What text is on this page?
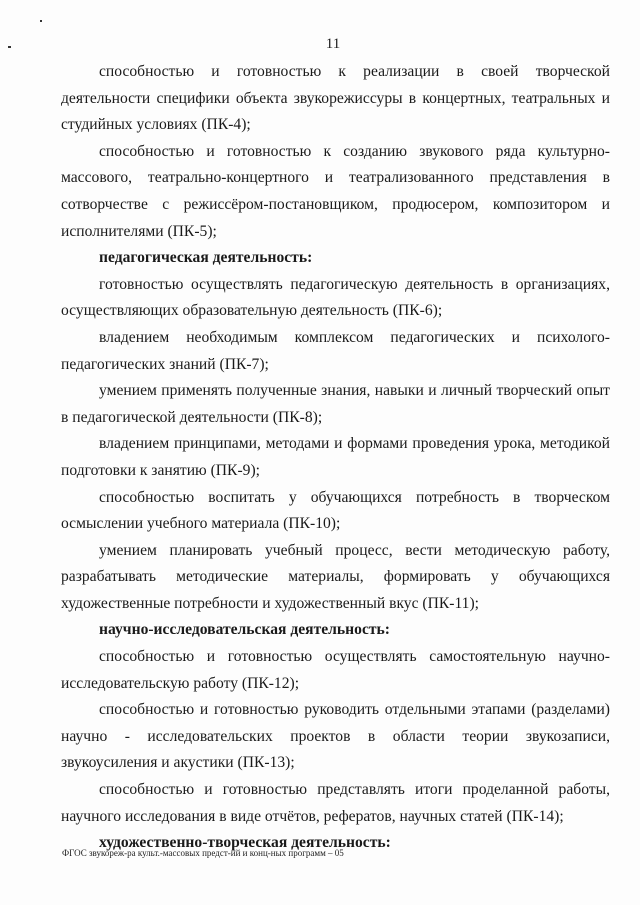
11

способностью и готовностью к реализации в своей творческой деятельности специфики объекта звукорежиссуры в концертных, театральных и студийных условиях (ПК-4);

способностью и готовностью к созданию звукового ряда культурно-массового, театрально-концертного и театрализованного представления в сотворчестве с режиссёром-постановщиком, продюсером, композитором и исполнителями (ПК-5);

педагогическая деятельность:

готовностью осуществлять педагогическую деятельность в организациях, осуществляющих образовательную деятельность (ПК-6);

владением необходимым комплексом педагогических и психолого-педагогических знаний (ПК-7);

умением применять полученные знания, навыки и личный творческий опыт в педагогической деятельности (ПК-8);

владением принципами, методами и формами проведения урока, методикой подготовки к занятию (ПК-9);

способностью воспитать у обучающихся потребность в творческом осмыслении учебного материала (ПК-10);

умением планировать учебный процесс, вести методическую работу, разрабатывать методические материалы, формировать у обучающихся художественные потребности и художественный вкус (ПК-11);

научно-исследовательская деятельность:

способностью и готовностью осуществлять самостоятельную научно-исследовательскую работу (ПК-12);

способностью и готовностью руководить отдельными этапами (разделами) научно - исследовательских проектов в области теории звукозаписи, звукоусиления и акустики (ПК-13);

способностью и готовностью представлять итоги проделанной работы, научного исследования в виде отчётов, рефератов, научных статей (ПК-14);

художественно-творческая деятельность:

ФГОС звукореж-ра культ.-массовых предст-ий и конц-ных программ – 05
